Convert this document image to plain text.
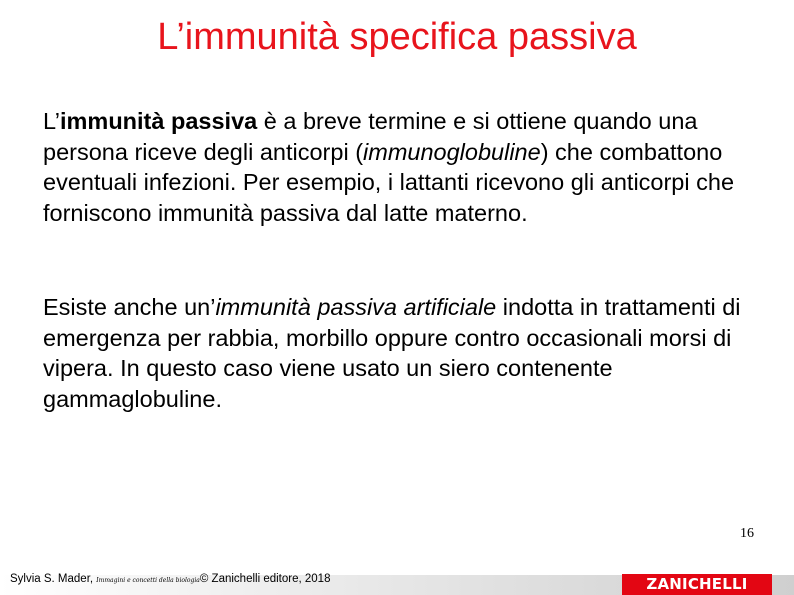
L’immunità specifica passiva
L’immunità passiva è a breve termine e si ottiene quando una persona riceve degli anticorpi (immunoglobuline) che combattono eventuali infezioni. Per esempio, i lattanti ricevono gli anticorpi che forniscono immunità passiva dal latte materno.
Esiste anche un’immunità passiva artificiale indotta in trattamenti di emergenza per rabbia, morbillo oppure contro occasionali morsi di vipera. In questo caso viene usato un siero contenente gammaglobuline.
16
Sylvia S. Mader, Immagini e concetti della biologia© Zanichelli editore, 2018	ZANICHELLI
